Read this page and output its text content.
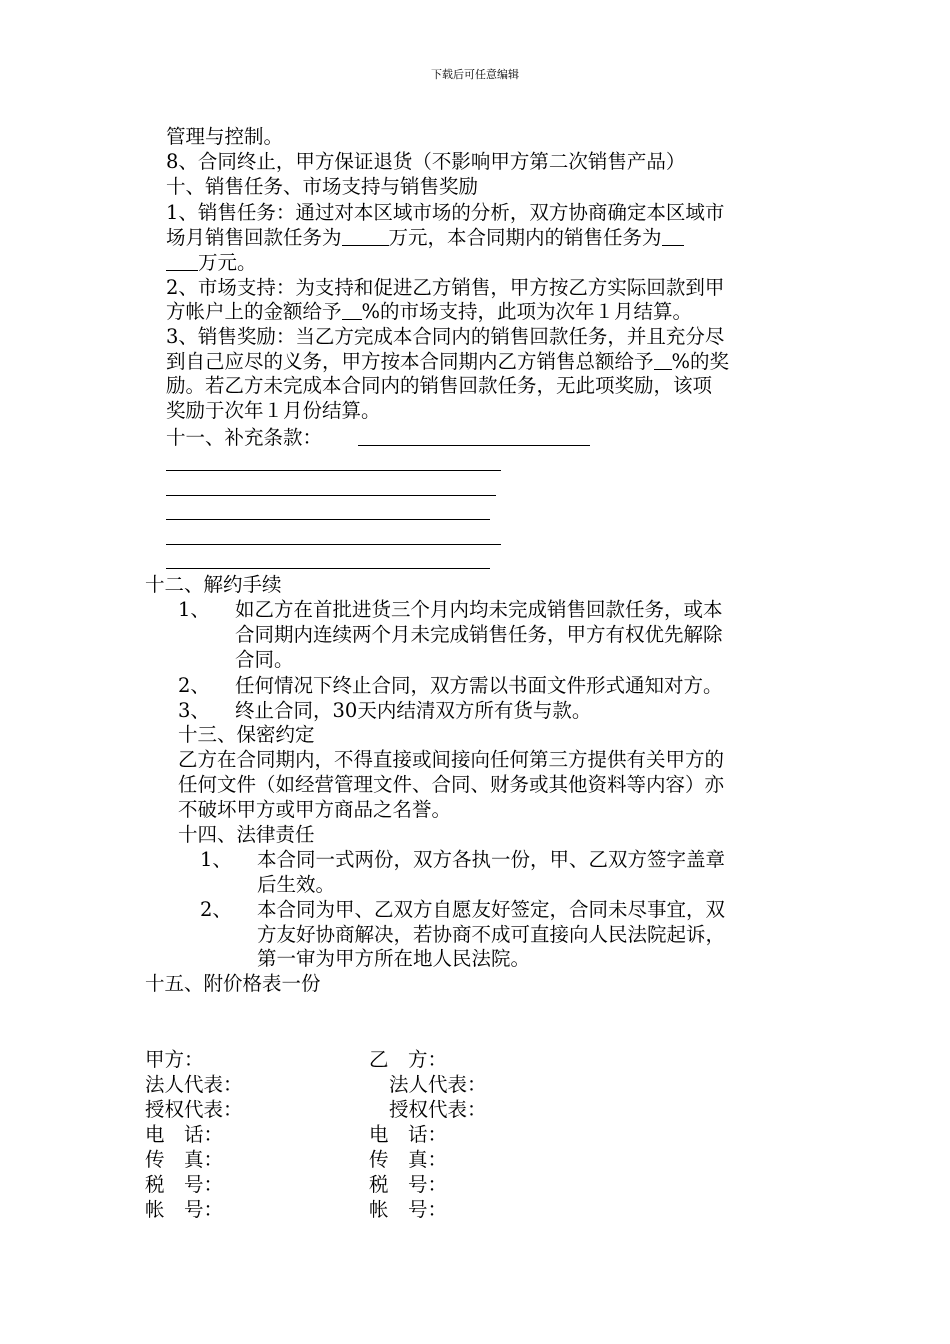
下载后可任意编辑
管理与控制。
8、合同终止，甲方保证退货（不影响甲方第二次销售产品）
十、销售任务、市场支持与销售奖励
1、销售任务：通过对本区域市场的分析，双方协商确定本区域市
场月销售回款任务为 万元，本合同期内的销售任务为
万元。
2、市场支持：为支持和促进乙方销售，甲方按乙方实际回款到甲
方帐户上的金额给予 %的市场支持，此项为次年１月结算。
3、销售奖励：当乙方完成本合同内的销售回款任务，并且充分尽
到自己应尽的义务，甲方按本合同期内乙方销售总额给予 %的奖
励。若乙方未完成本合同内的销售回款任务，无此项奖励，该项
奖励于次年１月份结算。
十一、补充条款：
十二、解约手续
1、 如乙方在首批进货三个月内均未完成销售回款任务，或本
合同期内连续两个月未完成销售任务，甲方有权优先解除
合同。
2、 任何情况下终止合同，双方需以书面文件形式通知对方。
3、 终止合同，30天内结清双方所有货与款。
十三、保密约定
乙方在合同期内，不得直接或间接向任何第三方提供有关甲方的
任何文件（如经营管理文件、合同、财务或其他资料等内容）亦
不破坏甲方或甲方商品之名誉。
十四、法律责任
1、 本合同一式两份，双方各执一份，甲、乙双方签字盖章
后生效。
2、 本合同为甲、乙双方自愿友好签定，合同未尽事宜，双
方友好协商解决，若协商不成可直接向人民法院起诉，
第一审为甲方所在地人民法院。
十五、附价格表一份
甲方：
法人代表：
授权代表：
电　话：
传　真：
税　号：
帐　号：
乙　方：
法人代表：
授权代表：
电　话：
传　真：
税　号：
帐　号：
